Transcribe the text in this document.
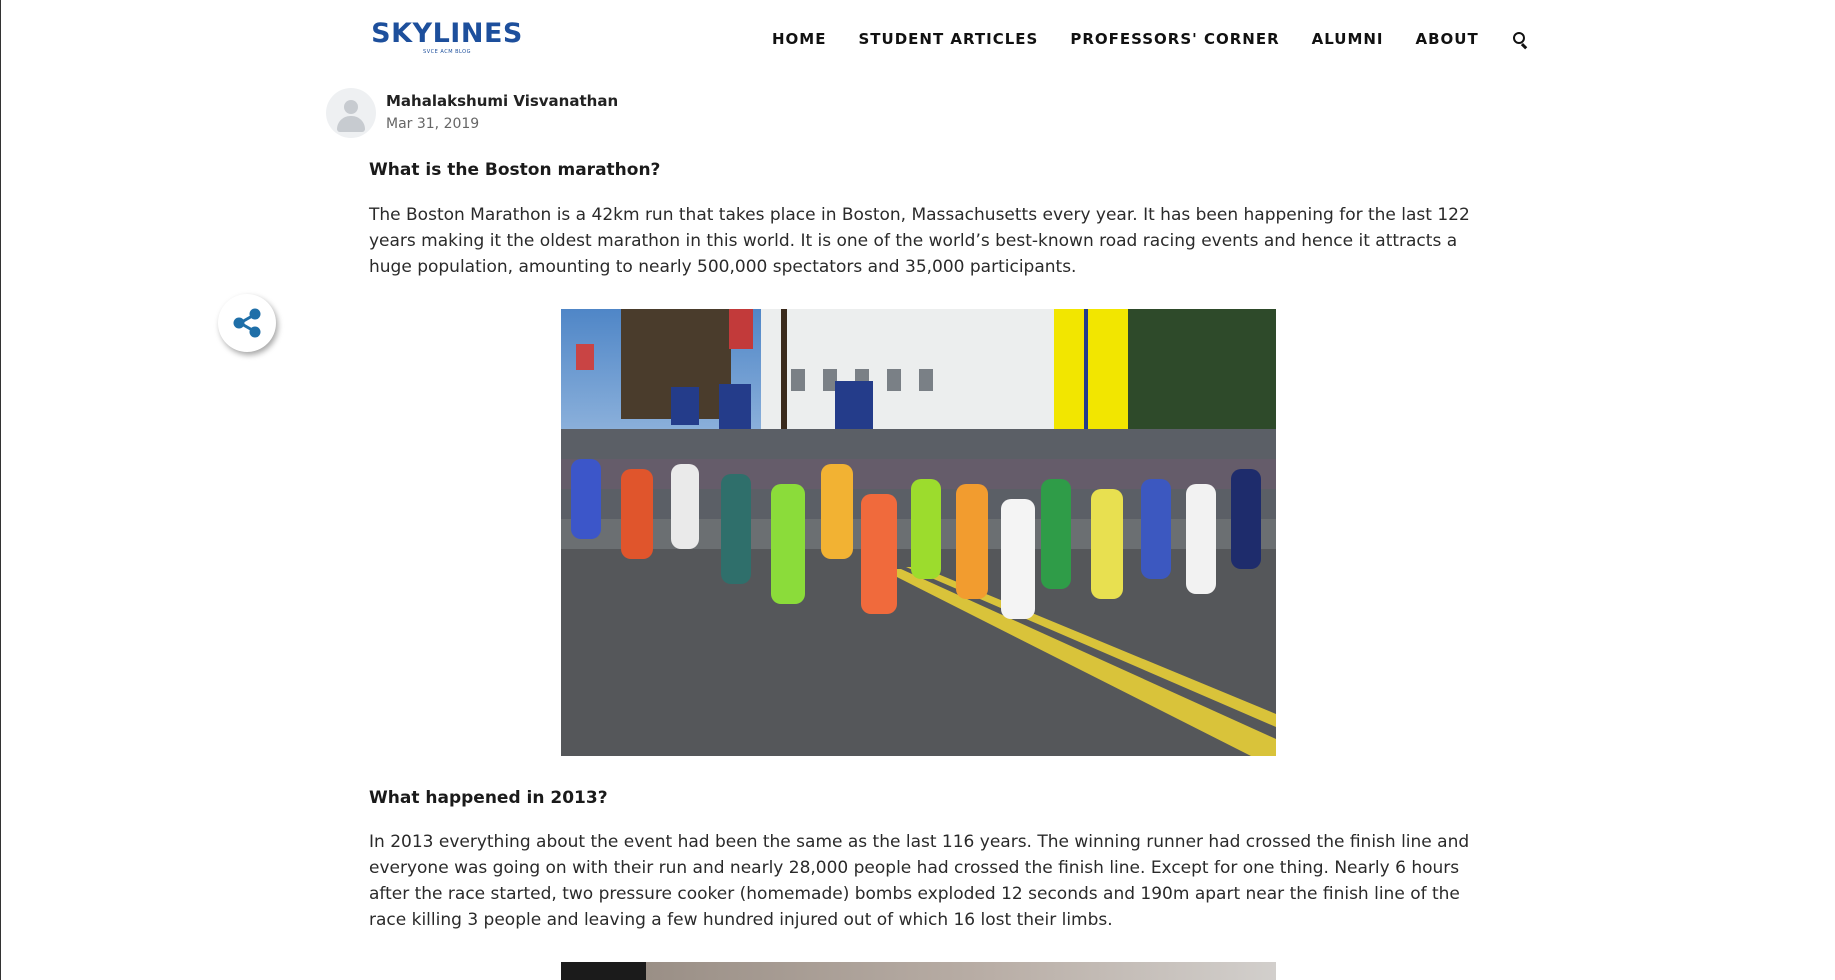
SKYLINES
SVCE ACM BLOG
HOME STUDENT ARTICLES PROFESSORS' CORNER ALUMNI ABOUT
Mahalakshumi Visvanathan
Mar 31, 2019
What is the Boston marathon?

The Boston Marathon is a 42km run that takes place in Boston, Massachusetts every year. It has been happening for the last 122 years making it the oldest marathon in this world. It is one of the world’s best-known road racing events and hence it attracts a huge population, amounting to nearly 500,000 spectators and 35,000 participants.

What happened in 2013?

In 2013 everything about the event had been the same as the last 116 years. The winning runner had crossed the finish line and everyone was going on with their run and nearly 28,000 people had crossed the finish line. Except for one thing. Nearly 6 hours after the race started, two pressure cooker (homemade) bombs exploded 12 seconds and 190m apart near the finish line of the race killing 3 people and leaving a few hundred injured out of which 16 lost their limbs.
